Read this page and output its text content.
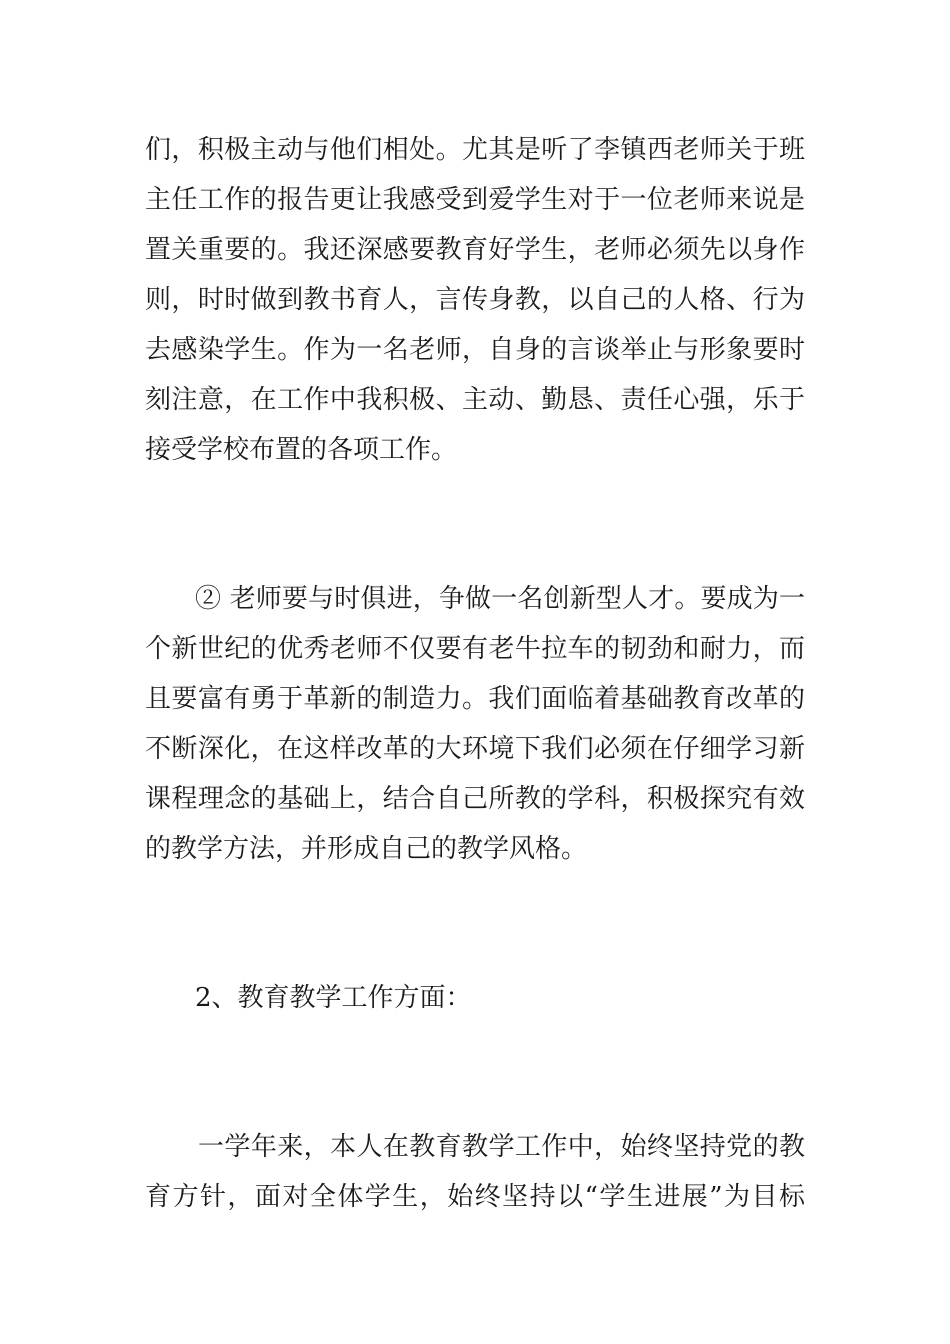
们，积极主动与他们相处。尤其是听了李镇西老师关于班
主任工作的报告更让我感受到爱学生对于一位老师来说是
置关重要的。我还深感要教育好学生，老师必须先以身作
则，时时做到教书育人，言传身教，以自己的人格、行为
去感染学生。作为一名老师，自身的言谈举止与形象要时
刻注意，在工作中我积极、主动、勤恳、责任心强，乐于
接受学校布置的各项工作。
② 老师要与时俱进，争做一名创新型人才。要成为一
个新世纪的优秀老师不仅要有老牛拉车的韧劲和耐力，而
且要富有勇于革新的制造力。我们面临着基础教育改革的
不断深化，在这样改革的大环境下我们必须在仔细学习新
课程理念的基础上，结合自己所教的学科，积极探究有效
的教学方法，并形成自己的教学风格。
2、教育教学工作方面：
一学年来，本人在教育教学工作中，始终坚持党的教
育方针，面对全体学生，始终坚持以“学生进展”为目标
